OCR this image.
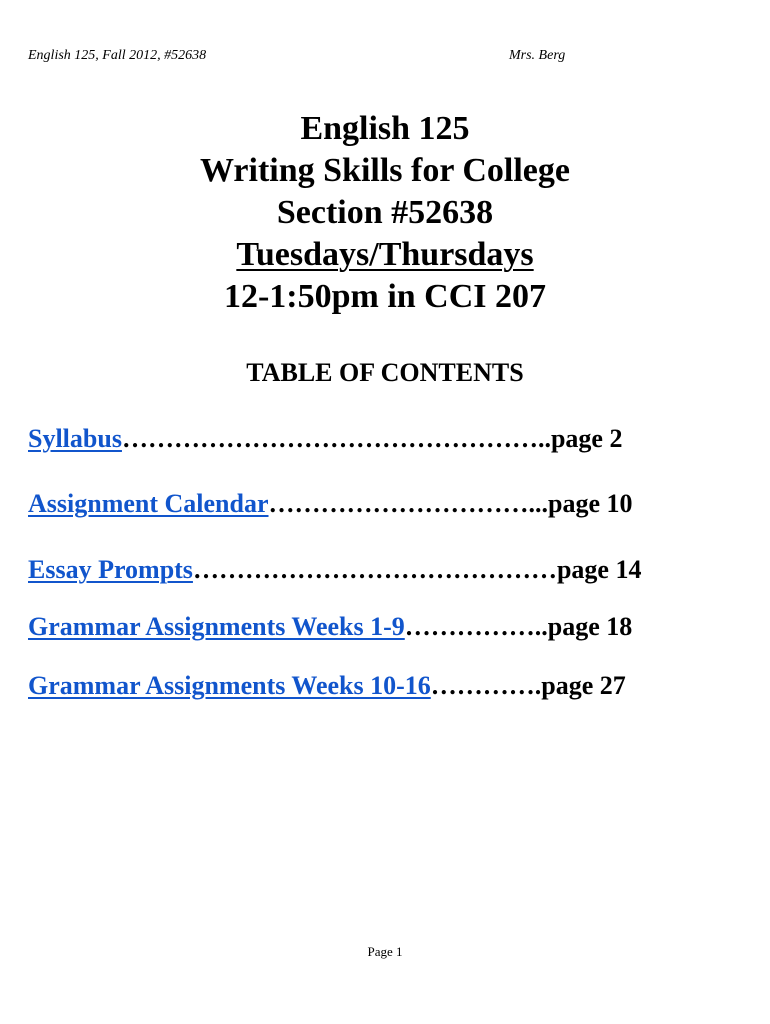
English 125, Fall 2012, #52638	Mrs. Berg
English 125
Writing Skills for College
Section #52638
Tuesdays/Thursdays
12-1:50pm in CCI 207
TABLE OF CONTENTS
Syllabus…………………………………………..page 2
Assignment Calendar…………………………...page 10
Essay Prompts……………………………………page 14
Grammar Assignments Weeks 1-9……………..page 18
Grammar Assignments Weeks 10-16………….page 27
Page 1
